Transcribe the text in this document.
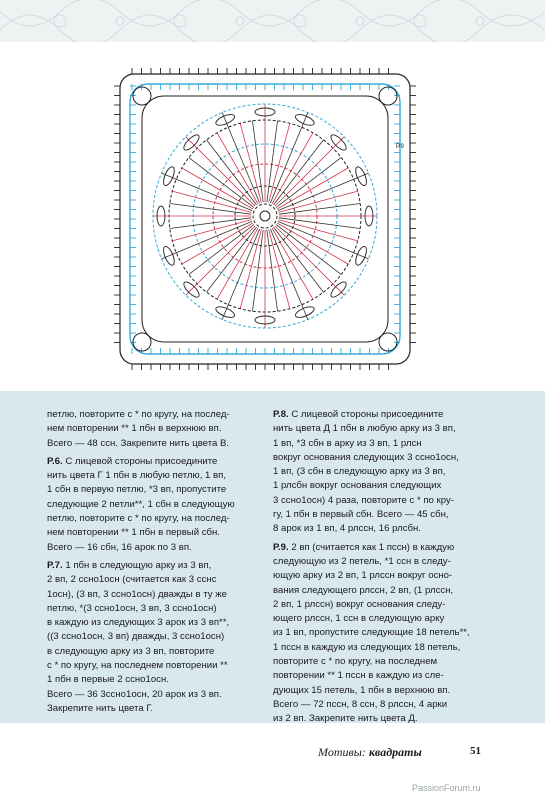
Р.9
петлю, повторите с * по кругу, на послед-
нем повторении ** 1 пбн в верхнюю вп.
Всего — 48 ссн. Закрепите нить цвета В.
Р.6. С лицевой стороны присоедините
нить цвета Г 1 пбн в любую петлю, 1 вп,
1 сбн в первую петлю, *3 вп, пропустите
следующие 2 петли**, 1 сбн в следующую
петлю, повторите с * по кругу, на послед-
нем повторении ** 1 пбн в первый сбн.
Всего — 16 сбн, 16 арок по 3 вп.
Р.7. 1 пбн в следующую арку из 3 вп,
2 вп, 2 ссно1осн (считается как 3 сснс
1осн), (3 вп, 3 ссно1осн) дважды в ту же
петлю, *(3 ссно1осн, 3 вп, 3 ссно1осн)
в каждую из следующих 3 арок из 3 вп**,
((3 ссно1осн, 3 вп) дважды, 3 ссно1осн)
в следующую арку из 3 вп, повторите
с * по кругу, на последнем повторении **
1 пбн в первые 2 ссно1осн.
Всего — 36 3ссно1осн, 20 арок из 3 вп.
Закрепите нить цвета Г.
Р.8. С лицевой стороны присоедините
нить цвета Д 1 пбн в любую арку из 3 вп,
1 вп, *3 сбн в арку из 3 вп, 1 рлсн
вокруг основания следующих 3 ссно1осн,
1 вп, (3 сбн в следующую арку из 3 вп,
1 рлсбн вокруг основания следующих
3 ссно1осн) 4 раза, повторите с * по кру-
гу, 1 пбн в первый сбн. Всего — 45 сбн,
8 арок из 1 вп, 4 рлссн, 16 рлсбн.
Р.9. 2 вп (считается как 1 пссн) в каждую
следующую из 2 петель, *1 ссн в следу-
ющую арку из 2 вп, 1 рлссн вокруг осно-
вания следующего рлссн, 2 вп, (1 рлссн,
2 вп, 1 рлссн) вокруг основания следу-
ющего рлссн, 1 ссн в следующую арку
из 1 вп, пропустите следующие 18 петель**,
1 пссн в каждую из следующих 18 петель,
повторите с * по кругу, на последнем
повторении ** 1 пссн в каждую из сле-
дующих 15 петель, 1 пбн в верхнюю вп.
Всего — 72 пссн, 8 ссн, 8 рлссн, 4 арки
из 2 вп. Закрепите нить цвета Д.
Мотивы: квадраты	51
PassionForum.ru
